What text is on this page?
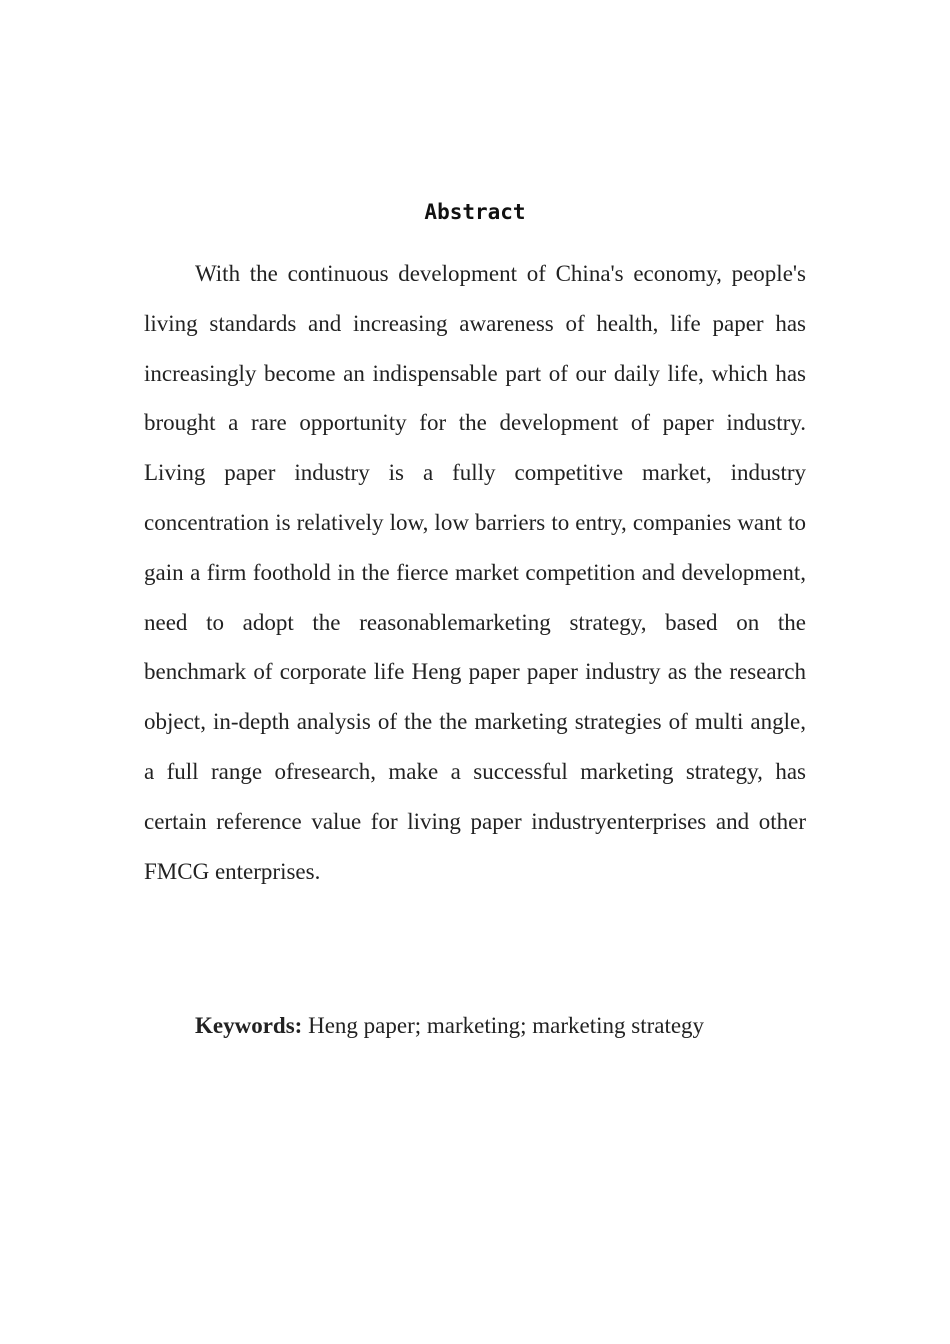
Abstract

With the continuous development of China's economy, people's living standards and increasing awareness of health, life paper has increasingly become an indispensable part of our daily life, which has brought a rare opportunity for the development of paper industry. Living paper industry is a fully competitive market, industry concentration is relatively low, low barriers to entry, companies want to gain a firm foothold in the fierce market competition and development, need to adopt the reasonablemarketing strategy, based on the benchmark of corporate life Heng paper paper industry as the research object, in-depth analysis of the the marketing strategies of multi angle, a full range ofresearch, make a successful marketing strategy, has certain reference value for living paper industryenterprises and other FMCG enterprises.

Keywords: Heng paper; marketing; marketing strategy
